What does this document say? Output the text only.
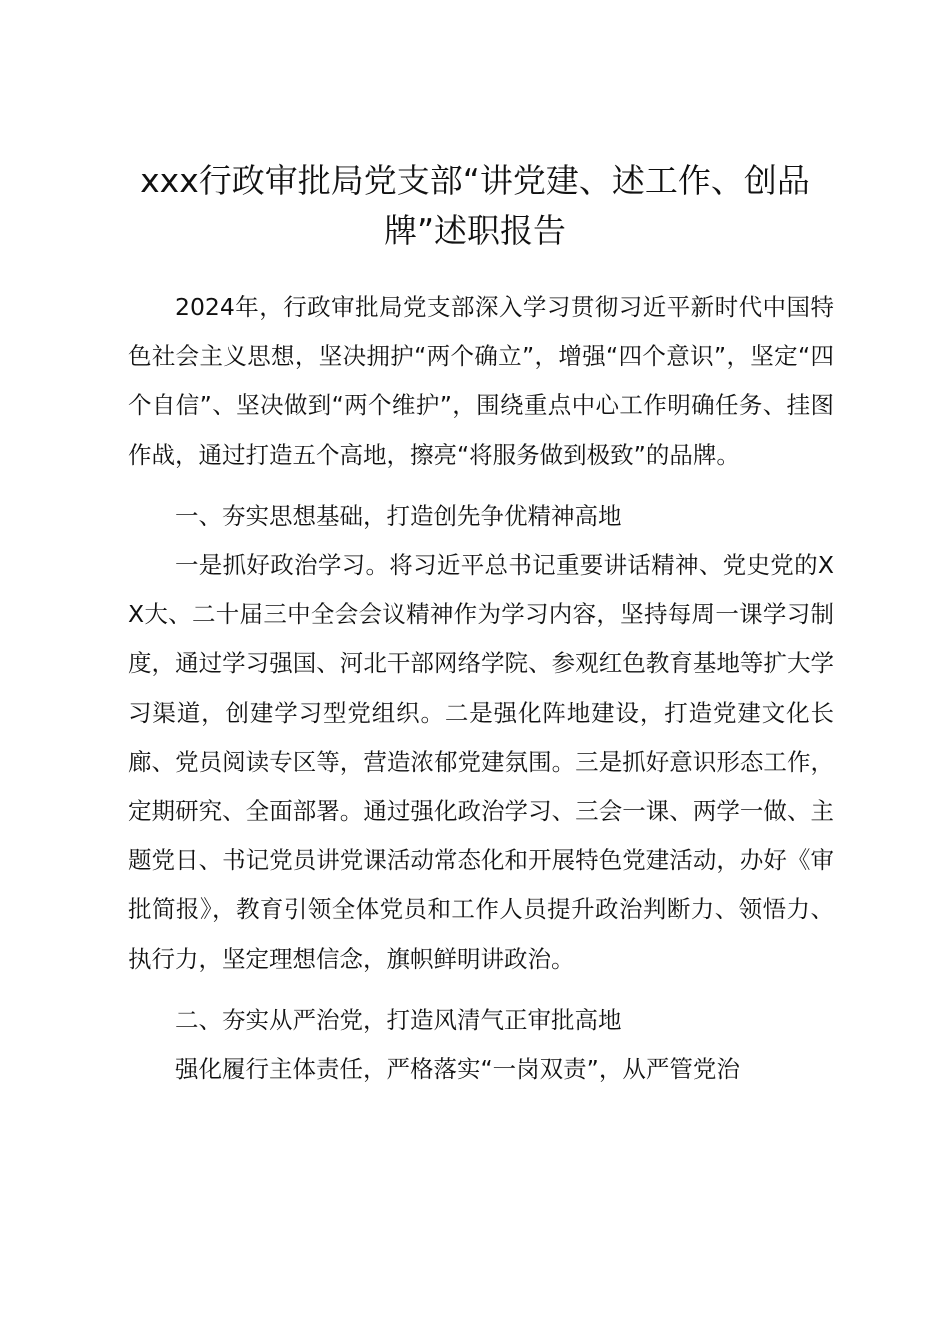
xxx行政审批局党支部“讲党建、述工作、创品牌”述职报告

2024年，行政审批局党支部深入学习贯彻习近平新时代中国特色社会主义思想，坚决拥护“两个确立”，增强“四个意识”，坚定“四个自信”、坚决做到“两个维护”，围绕重点中心工作明确任务、挂图作战，通过打造五个高地，擦亮“将服务做到极致”的品牌。

一、夯实思想基础，打造创先争优精神高地

一是抓好政治学习。将习近平总书记重要讲话精神、党史党的XX大、二十届三中全会会议精神作为学习内容，坚持每周一课学习制度，通过学习强国、河北干部网络学院、参观红色教育基地等扩大学习渠道，创建学习型党组织。二是强化阵地建设，打造党建文化长廊、党员阅读专区等，营造浓郁党建氛围。三是抓好意识形态工作，定期研究、全面部署。通过强化政治学习、三会一课、两学一做、主题党日、书记党员讲党课活动常态化和开展特色党建活动，办好《审批简报》，教育引领全体党员和工作人员提升政治判断力、领悟力、执行力，坚定理想信念，旗帜鲜明讲政治。

二、夯实从严治党，打造风清气正审批高地

强化履行主体责任，严格落实“一岗双责”，从严管党治
